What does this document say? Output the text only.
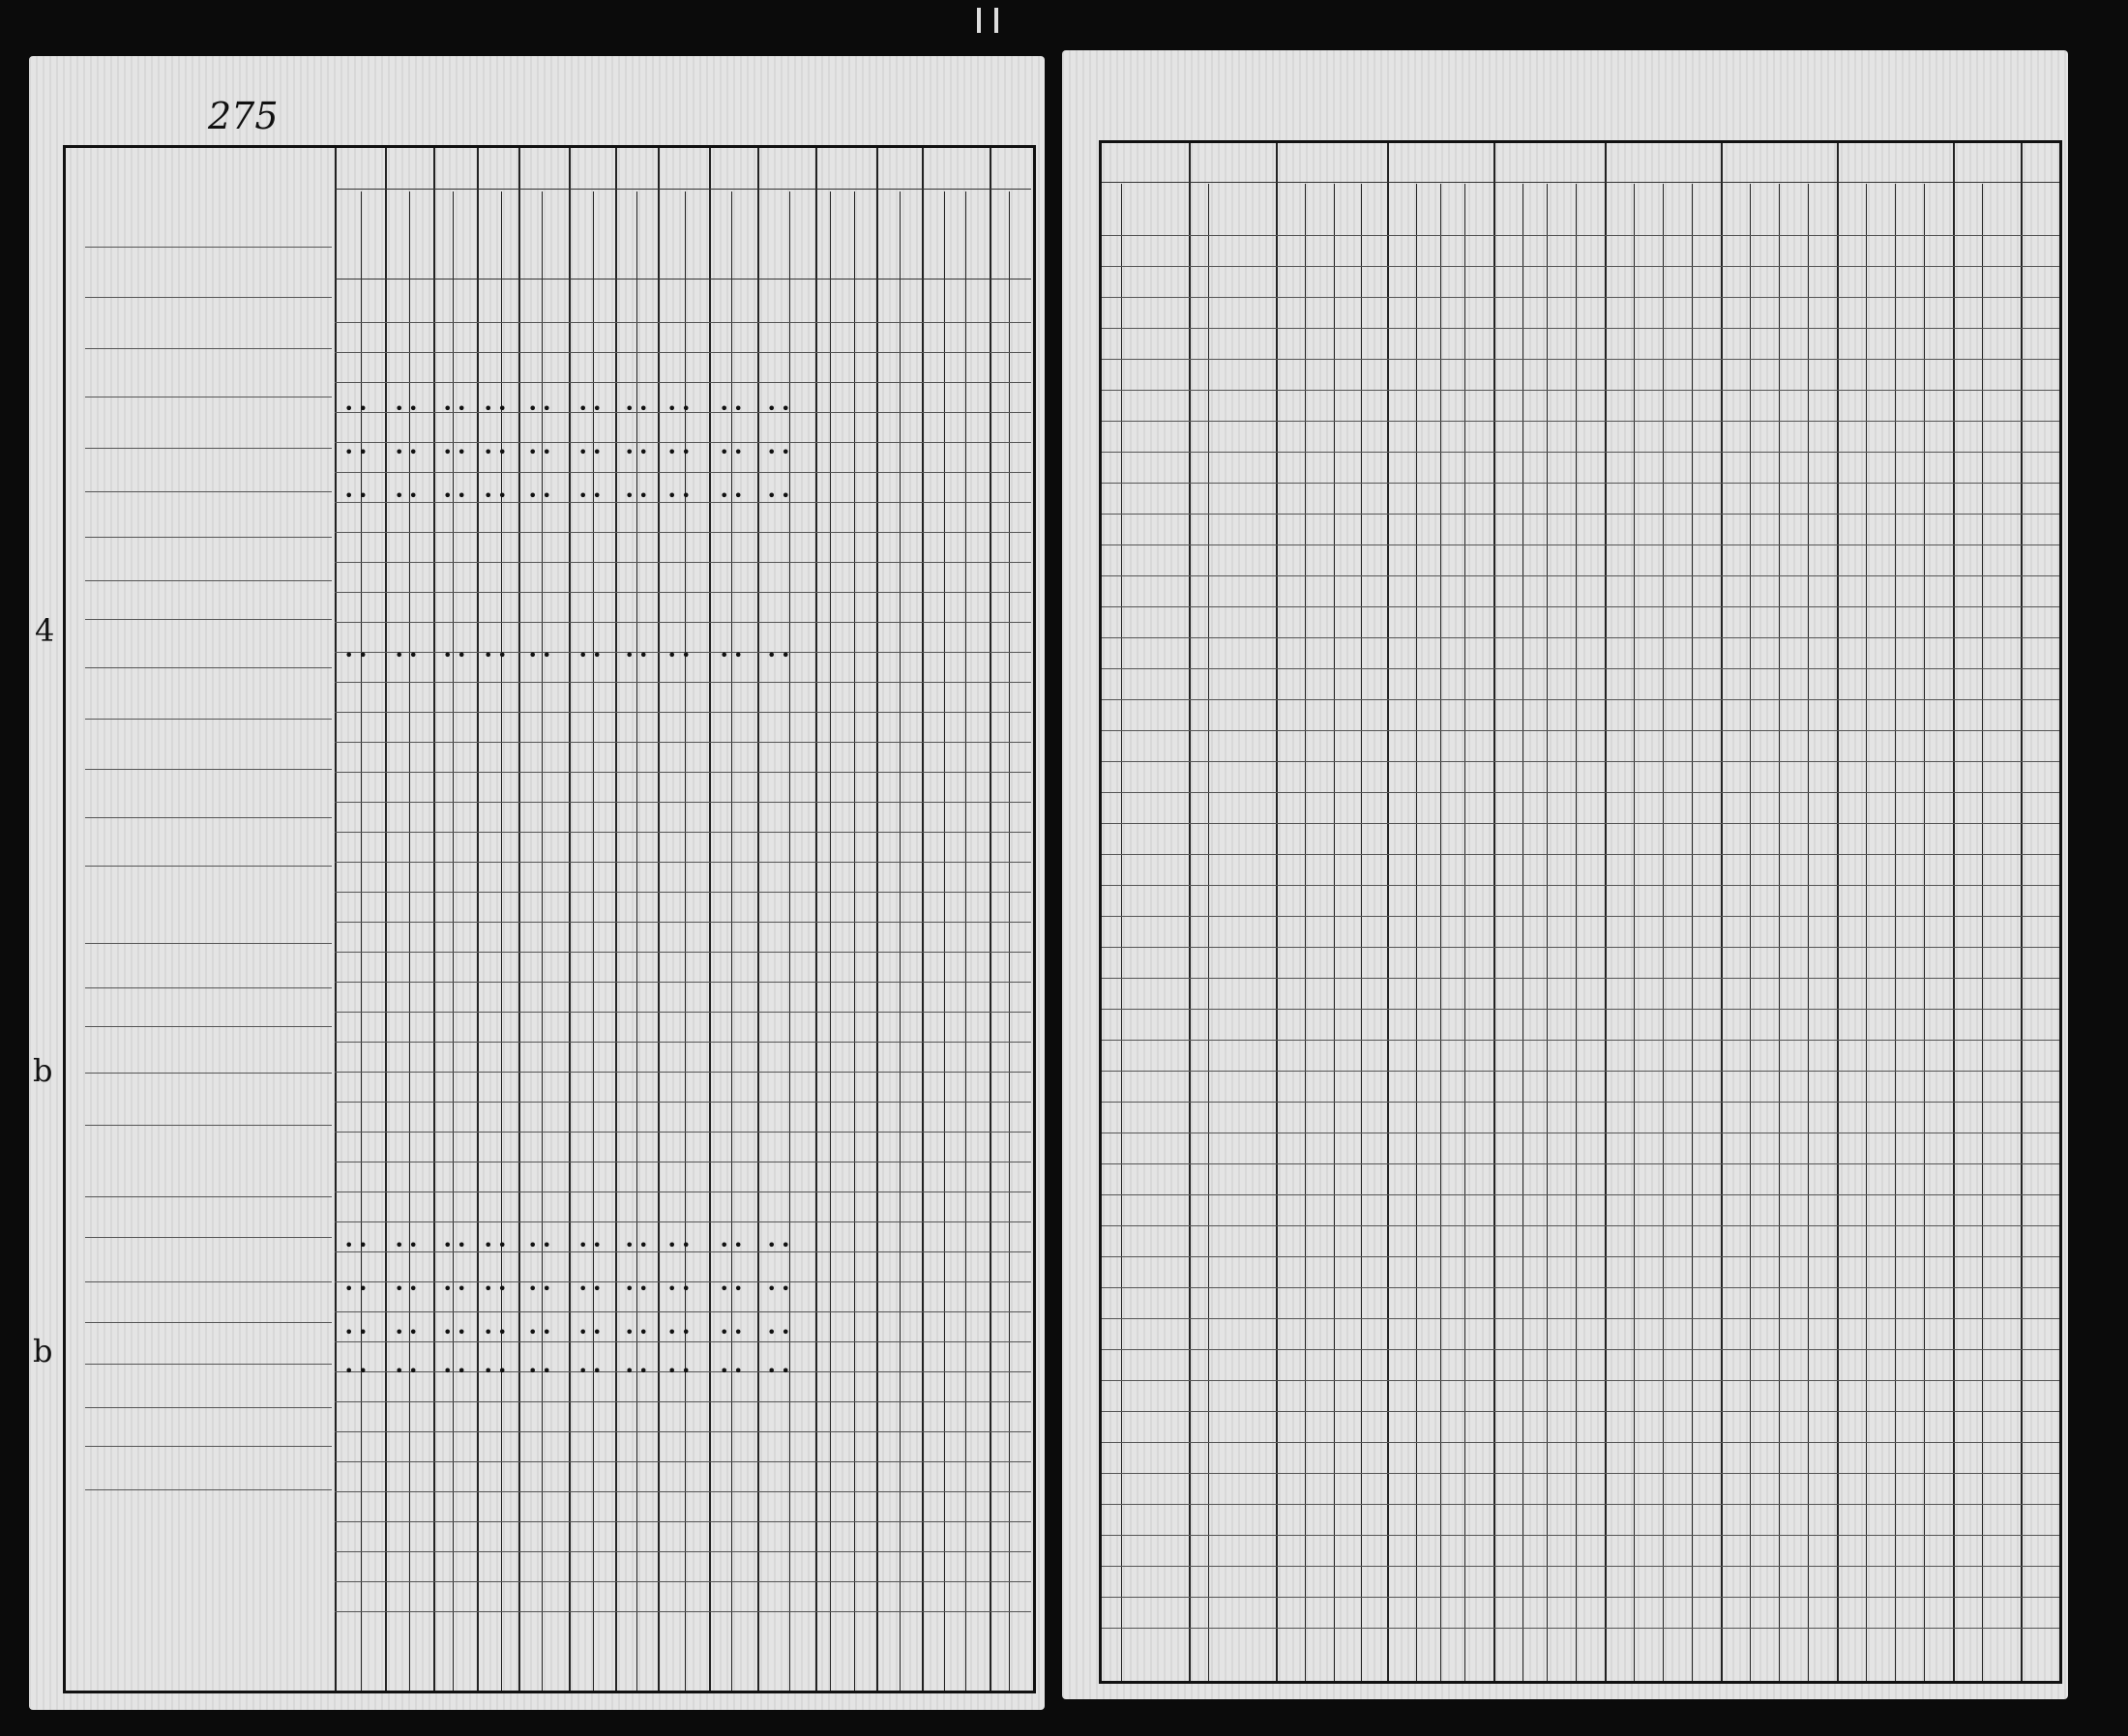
275
•• •• •• •• •• •• •• •• •• ••
•• •• •• •• •• •• •• •• •• ••
•• •• •• •• •• •• •• •• •• ••
•• •• •• •• •• •• •• •• •• ••
•• •• •• •• •• •• •• •• •• ••
•• •• •• •• •• •• •• •• •• ••
•• •• •• •• •• •• •• •• •• ••
•• •• •• •• •• •• •• •• •• ••
4
b
b
